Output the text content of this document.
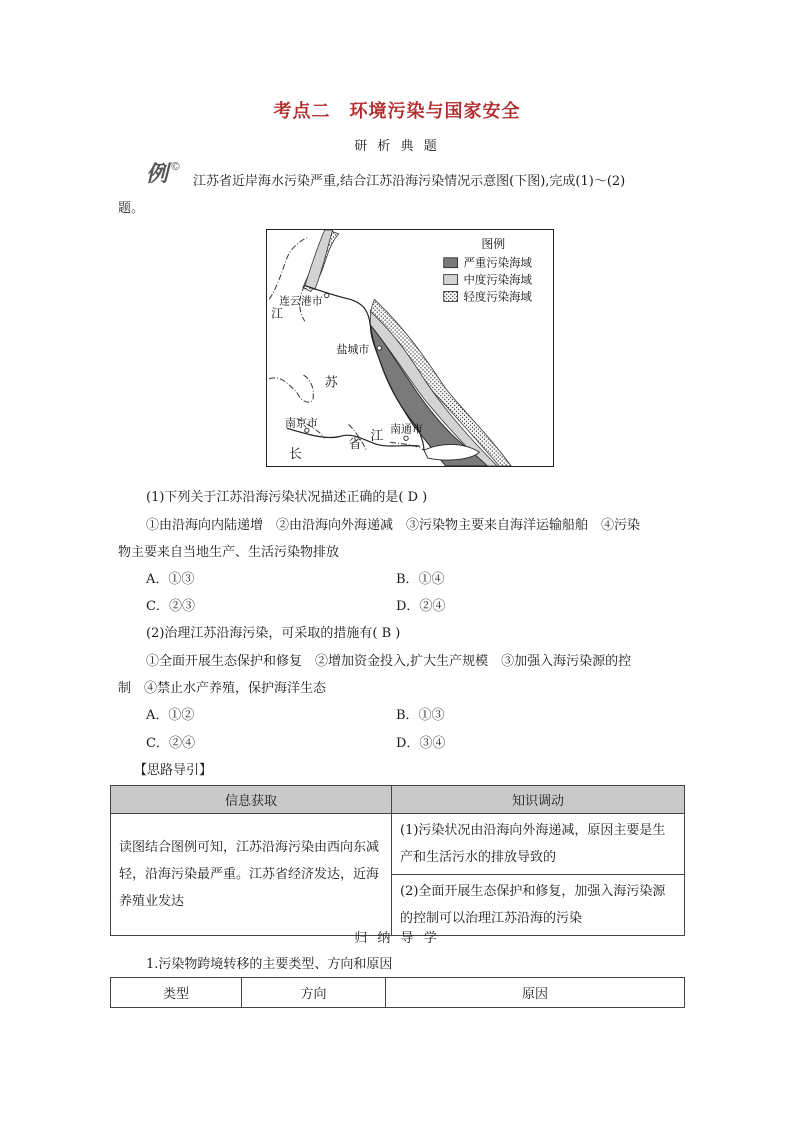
考点二　环境污染与国家安全
研 析 典 题
例 ©
江苏省近岸海水污染严重,结合江苏沿海污染情况示意图(下图),完成(1)～(2)
题。
图例
严重污染海域
中度污染海域
轻度污染海域
连云港市
江
盐城市
苏
南京市
长
省
江
南通市
(1)下列关于江苏沿海污染状况描述正确的是( D )
①由沿海向内陆递增　②由沿海向外海递减　③污染物主要来自海洋运输船舶　④污染
物主要来自当地生产、生活污染物排放
A．①③	B．①④
C．②③	D．②④
(2)治理江苏沿海污染，可采取的措施有( B )
①全面开展生态保护和修复　②增加资金投入,扩大生产规模　③加强入海污染源的控
制　④禁止水产养殖，保护海洋生态
A．①②	B．①③
C．②④	D．③④
【思路导引】
信息获取	知识调动
读图结合图例可知，江苏沿海污染由西向东减轻，沿海污染最严重。江苏省经济发达，近海养殖业发达	(1)污染状况由沿海向外海递减，原因主要是生产和生活污水的排放导致的
	(2)全面开展生态保护和修复，加强入海污染源的控制可以治理江苏沿海的污染
归 纳 导 学
1.污染物跨境转移的主要类型、方向和原因
类型	方向	原因
